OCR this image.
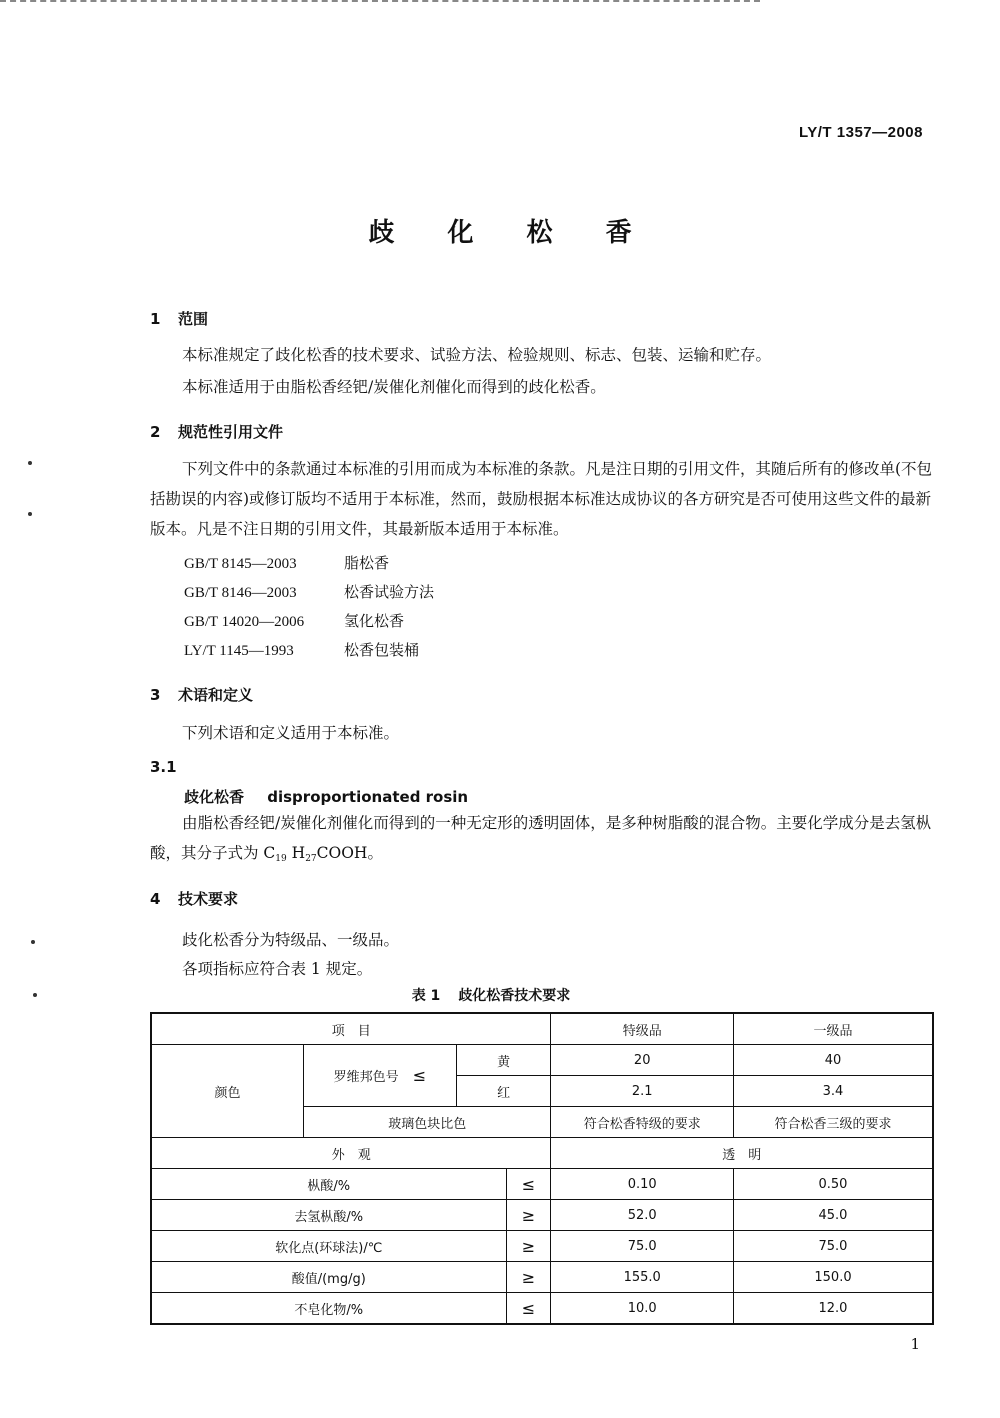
LY/T 1357—2008
歧 化 松 香
1 范围
本标准规定了歧化松香的技术要求、试验方法、检验规则、标志、包装、运输和贮存。
本标准适用于由脂松香经钯/炭催化剂催化而得到的歧化松香。
2 规范性引用文件
下列文件中的条款通过本标准的引用而成为本标准的条款。凡是注日期的引用文件，其随后所有的修改单(不包括勘误的内容)或修订版均不适用于本标准，然而，鼓励根据本标准达成协议的各方研究是否可使用这些文件的最新版本。凡是不注日期的引用文件，其最新版本适用于本标准。
GB/T 8145—2003	脂松香
GB/T 8146—2003	松香试验方法
GB/T 14020—2006	氢化松香
LY/T 1145—1993	松香包装桶
3 术语和定义
下列术语和定义适用于本标准。
3.1
歧化松香 disproportionated rosin
由脂松香经钯/炭催化剂催化而得到的一种无定形的透明固体，是多种树脂酸的混合物。主要化学成分是去氢枞酸，其分子式为 $C_{19}$ $H_{27}COOH$。
4 技术要求
歧化松香分为特级品、一级品。
各项指标应符合表 1 规定。
表 1 歧化松香技术要求
项　目				特级品	一级品
颜色	罗维邦色号 ≤	黄		20	40
		红		2.1	3.4
	玻璃色块比色			符合松香特级的要求	符合松香三级的要求
外　观				透　明	
枞酸/%			≤	0.10	0.50
去氢枞酸/%			≥	52.0	45.0
软化点(环球法)/℃			≥	75.0	75.0
酸值/(mg/g)			≥	155.0	150.0
不皂化物/%			≤	10.0	12.0
1
